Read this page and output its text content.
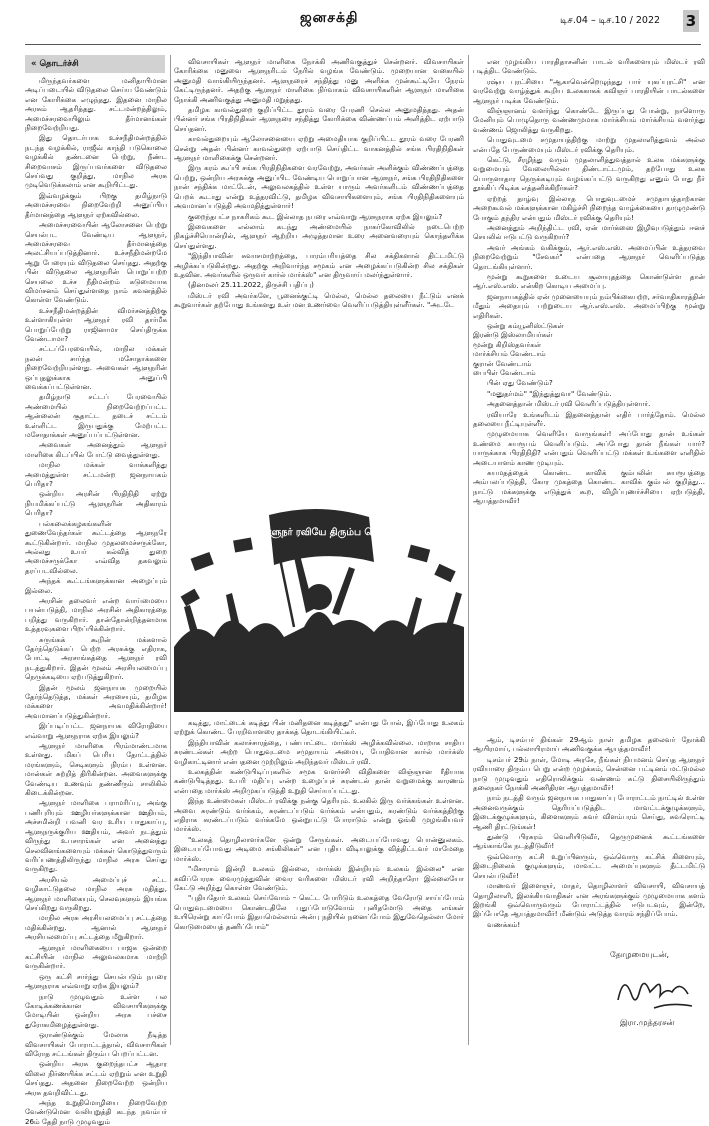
ஜனசக்தி	டிச.04 – டிச.10 / 2022 3
« தொடர்ச்சி

மிருந்தவர்களை மனிதாபிமான அடிப்படையில் விடுதலை செய்ய வேண்டும் என கோரிக்கை எழுந்தது. இதனை மாநில அரசும் ஆதரித்தது. சட்டமன்றத்திலும், அமைச்சரவையிலும் தீர்மானங்கள் நிறைவேற்றியது.

இது தொடர்பாக உச்சநீதிமன்றத்தில் நடந்த வழக்கில், ராஜீவ் காந்தி படுகொலை வழக்கில் தண்டனை பெற்று, நீண்ட சிறைவாசம் இருப்பவர்களை விடுதலை செய்வது குறித்து, மாநில அரசு முடிவெடுக்கலாம் என கூறியிட்டது.

இவ்வழக்கும் பிறகு தமிழ்நாடு அமைச்சரவை நிறைவேற்றி அனுப்பிய தீர்மானத்தை ஆளுநர் ஏற்கவில்லை.

அமைச்சரவையின் ஆலோசனை பெற்று செயல்பட வேண்டிய ஆளுநர், அமைச்சரவை தீர்மானத்தை அலட்சியப்படுத்தினார். உச்சநீதிமன்றமே ஆறு பேரையும் விடுதலை செய்தது. அதற்கு பின் விடுதலை ஆளுநரின் பொறுப்பற்ற செயலை உச்ச நீதிமன்றம் கடுமையாக விமர்சனம் செய்துள்ளதை நாம் கவனத்தில் கொள்ள வேண்டும்.

உச்சநீதிமன்றத்தின் விமர்சனத்திற்கு உள்ளாகியுள்ள ஆளுநர் ரவி தார்மீக பொறுப்பேற்று ராஜினாமா செய்திருக்க வேண்டாமா?

சட்டப்பேரவையில், மாநில மக்கள் நலன் சார்ந்த மசோதாக்களை நிறைவேற்றியுள்ளது. அவைகள் ஆளுநரின் ஒப்புதலுக்காக அனுப்பி வைக்கப்பட்டுள்ளன.

தமிழ்நாடு சட்டப் பேரவையில் அண்மையில் நிறைவேற்றப்பட்ட ஆன்லைன் சூதாட்ட தடைச் சட்டம் உள்ளிட்ட இருபதுக்கு மேற்பட்ட மசோதாக்கள் அனுப்பப்பட்டுள்ளன.

அவைகள் அனைத்தும் ஆளுநர் மாளிகை கிடப்பில் போட்டு வைத்துள்ளது.

மாநில மக்கள் வாக்களித்து அமைத்துள்ள சட்டமன்ற ஜனநாயகம் பெரிதா?

ஒன்றிய அரசின் பிரதிநிதி ஏற்று நியமிக்கப்பட்டு ஆளுநரின் அதிகாரம் பெரிதா?

பல்கலைக்கழகங்களின் துணைவேந்தர்கள் கூட்டத்தை ஆளுநரே கூட்டுகின்றார். மாநில முதலமைச்சருக்கோ, அல்லது உயர் கல்வித் துறை அமைச்சருக்கோ எவ்வித தகவலும் தரப்படவில்லை.

அந்தக் கூட்டங்களுக்கான அழைப்பும் இல்லை.

அரசின் தலைவர் என்ற வாய்மையை பயன்படுத்தி, மாநில அரசின் அதிகாரத்தை பறித்து வருகிறார். தான்தோன்றித்தனமாக உத்தரவுகளை பிறப்பிக்கின்றார்.

சுருங்கக் கூறின் மக்களால் தேர்ந்தெடுக்கப் பெற்ற அரசுக்கு எதிராக, போட்டி அரசாங்கத்தை ஆளுநர் ரவி நடத்துகிறார். இதன் மூலம் அரசியலமைப்பு நெருக்கடியை ஏற்படுத்துகிறார்.

இதன் மூலம் ஜனநாயக முறையில் தேர்ந்தெடுத்த, மக்கள் அரசையும், தமிழக மக்களை அவமதிக்கின்றார்! அவமானப்படுத்துகின்றார்.

இப்படிப்பட்ட ஜனநாயக விரோதியை எவ்வாறு ஆளுநராக ஏற்க இயலும்?

ஆளுநர் மாளிகை பிரம்மாண்டமாக உள்ளது. மிகப் பெரிய தோட்டத்தில் மரங்களும், செடிகளும் நிரம்ப உள்ளன. மான்கள் சுற்றித் திரிகின்றன. அவைகளுக்கு வேண்டிய உணவும் தண்ணீரும் சாலிகில் கிடைக்கின்றன.

ஆளுநர் மாளிகை பராமரிப்பு, அங்கு பணிபுரியும் ஊழியர்களுக்கான ஊதியம், அச்சமின்றி பவனி வர உரிய பாதுகாப்பு, ஆளுநருக்குரிய ஊதியம், அவர் நடத்தும் விருந்து உபசாரங்கள் என அனைத்து செலவினங்களையும் மக்கள் கொடுத்துவரும் வரிப்பணத்திலிருந்து மாநில அரசு செய்து வருகிறது.

அரசியல் அமைப்புச் சட்ட வழிகாட்டுதலை மாநில அரசு மதித்து, ஆளுநர் மாளிகையும், செலவுகளும் இயங்க செய்கிறது வருகிறது.

மாநில அரசு அரசியலமைப்பு சட்டத்தை மதிக்கின்றது. ஆனால் ஆளுநர் அரசியலமைப்பு சட்டத்தை மீறுகிறார்.

ஆளுநர் மாளிகையை பாஜக ஒன்றை கட்சியின் மாநில அலுவலகமாக மாற்றி வருகின்றார்.

ஒரு கட்சி சார்ந்து செயல்படும் நபரை ஆளுநராக எவ்வாறு ஏற்க இயலும்?

நாடு முழுவதும் உள்ள பல கோடிக்கணக்கான விவசாயிகளுக்கு மோடியின் ஒன்றிய அரசு பச்சை துரோகமிழைத்துள்ளது.

ஒராண்டுக்கும் மேலாக நீடித்த விவசாயிகள் போராட்டத்தால், விவசாயிகள் விரோத சட்டங்கள் திரும்ப பெறப்பட்டன.

ஒன்றிய அரசு குறைந்தபட்ச ஆதார விலை நிர்ணயிக்க சட்டம் ஏற்றும் என உறுதி செய்தது. அதனை நிறைவேற்ற ஒன்றிய அரசு தவறிவிட்டது.

அந்த உறுதிமொழியை நிறைவேற்ற வேண்டுமென வலியுறுத்தி கடந்த நவம்பர் 26ம் தேதி நாடு முழுவதும்

விவசாயிகள் ஆளுநர் மாளிகை நோக்கி அணிவகுத்துச் சென்றனர். விவசாயிகள் கோரிக்கை மனுவை ஆளுநரிடம் நேரில் வழங்க வேண்டும். முறையான வகையில் அனுமதி வாங்கியிருந்தனர். ஆளுநரைச் சந்தித்து மனு அளிக்க முன்கூட்டியே நேரம் கேட்டிருந்தனர். அதற்கு ஆளுநர் மாளிகை நிர்வாகம் விவசாயிகளின் ஆளுநர் மாளிகை நோக்கி அணிவகுத்து அனுமதி மறுத்தது.

தமிழக காவல்துறை குறிப்பிட்ட தூரம் வரை பேரணி செல்ல அனுமதித்தது. அதன் பின்னர் சங்க பிரதிநிதிகள் ஆளுநரை சந்தித்து கோரிக்கை விண்ணப்பம் அளித்திட ஏற்பாடு செய்தனர்.

காவல்துறையும் ஆலோசனையை ஏற்று அமைதியாக குறிப்பிட்ட தூரம் வரை பேரணி சென்று அதன் பின்னர் காவல்துறை ஏற்பாடு செய்திட்ட வாகனத்தில் சங்க பிரதிநிதிகள் ஆளுநர் மாளிகைக்கு சென்றனர்.

இரு கரம் கூப்பி சங்க பிரதிநிதிகளை வரவேற்று, அவர்கள் அளிக்கும் விண்ணப்பத்தை பெற்று, ஒன்றிய அரசுக்கு அனுப்பிட வேண்டிய பொறுப்பான ஆளுநர், சங்க பிரதிநிதிகளை நான் சந்திக்க மாட்டேன், அலுவலகத்தில் உள்ள யாரும் அவர்களிடம் விண்ணப்பத்தை பெறக் கூடாது என்று உத்தரவிட்டு, தமிழக விவசாயிகளையும், சங்க பிரதிநிதிகளையும் அவமானப்படுத்தி அவமதித்துள்ளார்!

குறைந்தபட்ச நாகரிகம் கூட இல்லாத நபரை எவ்வாறு ஆளுநராக ஏற்க இயலும்?

இவைகளை எல்லாம் கடந்து அண்மையில் நாகர்கோவிலில் நடைபெற்ற நிகழ்ச்சியொன்றில், ஆளுநர் ஆற்றிய அழுத்தமான உரை அனைவரையும் கொந்தளிக்க செய்துள்ளது.

"இந்தியாவின் சுவாசமாற்றத்தை, பாரம்பரியத்தை சில சக்திகளால் திட்டமிட்டு அழிக்கப்படுகின்றது. அதற்கு அறிவார்ந்த சமூகம் என அழைக்கப்படுகின்ற சில சக்திகள் உதவின. அவர்களில் ஒருவர் கார்ல் மார்க்ஸ்" என திருவாய் மலர்ந்துள்ளார்.

(தினமலர் 25.11.2022, திருச்சி பதிப்பு)

மிஸ்டர் ரவி அவர்களே, பூனைக்குட்டி மெல்ல, மெல்ல தலையை நீட்டும் எனக் கூறுவார்கள் தற்போது உங்களது உள் மன உணர்வை வெளிப்படுத்தியுள்ளீர்கள். "அடடே

ஆளுநர் ரவியே திரும்ப பெறு

கடித்து, மாட்டைக் கடித்து பின் மனிதனை கடித்தது" என்பது போல், இப்போது உலகம் ஏற்றுக் கொண்ட பேரறிவாளரை தாக்கத் தொடங்கியிட்டீர்.

இந்தியாவின் கலாச்சாரத்தை, பண்பாட்டை மார்க்ஸ் அழிக்கவில்லை. மாறாக சாதிய சுரண்டல்கள் அற்ற பொதுவுடமை சமுதாயம் அமைய, போதிவான கார்ல் மார்க்ஸ் வழிகாட்டினார் என்பதனை முற்றிலும் அறிந்தவர் மிஸ்டர் ரவி.

உலகத்தின் கண்டுபிடிப்புகளில் சமூக வளர்ச்சி விதிகளை விஞ்ஞான ரீதியாக கண்டுபிடித்தது. உபரி மதிப்பு என்ற உழைப்புச் சுரண்டல் தான் வறுமைக்கு காரணம் என்பதை மார்க்ஸ் அறிமுகப்படுத்தி உறுதி செய்யப்பட்டது.

இந்த உண்மைகள் மிஸ்டர் ரவிக்கு நன்கு தெரியும். உலகில் இரு வர்க்கங்கள் உள்ளன. அவை சுரண்டும் வர்க்கம், சுரண்டப்படும் வர்க்கம் என்பதும், சுரண்டும் வர்க்கத்திற்கு எதிராக சுரண்டப்படும் வர்க்கமே ஒன்றுபட்டு போராடும் என்று ஓங்கி முழங்கியவர் மார்க்ஸ்.

"உலகத் தொழிலாளர்களே ஒன்று சேருங்கள். அடையப்போவது பொன்னுலகம். இடையப்போவது அடிமை சங்கிலிகள்" என புதிய விடியலுக்கு வித்திட்டவர் மாமேதை மார்க்ஸ்.

"மிசாராம் இன்றி உலகம் இல்லை, மார்க்ஸ் இன்றியும் உலகம் இல்லை" என கவிப்பேரரசு வைரமுத்துவின் வைர வரிகளை மிஸ்டர் ரவி அறிந்தாரோ இல்லையோ கேட்டு அறிந்து கொள்ள வேண்டும்.

"புதியதோர் உலகம் செய்வோம் – கெட்ட போரிடும் உலகத்தை வேரோடு சாய்ப்போம் பொதுவுடமையை கொண்டதிலே புதுப்போடுவோம் புனிதமோடு அதை எங்கள் உயிரென்று காப்போம் இதயமெல்லாம் அன்பு நதியில் நனைப்போம் இதுவேதெல்லா மோர் கொடுமையைத் தணிப்போம்"

என முழங்கிய பாரதிதாசனின் பாடல் வரிகளையும் மிஸ்டர் ரவி படித்திட வேண்டும்.

ரஷ்ய புரட்சியை "ஆகாவென்றெழுந்தது பார் யுகப்புரட்சி" என வரவேற்று வாழ்த்துக் கூறிய உலககாகக் கவிஞர் பாரதியின் பாடல்களை ஆளுநர் படிக்க வேண்டும்.

விஞ்ஞானம் வளர்ந்து கொண்டே இருப்பது போன்று, நாளொரு மேனியும் பொழுதொரு வண்ணமுமாக மார்க்சியம் மார்க்சியம் வளர்ந்து வண்ணம் ஜொலித்து வருகிறது.

பொதுவுடமை சமுதாயத்திற்கு மாற்று முதலாளித்துவம் அல்ல என்பதே பேருண்மையும் மிஸ்டர் ரவிக்கு தெரியும்.

கெட்டு, சீரழிந்து வரும் முதலாளித்துவத்தால் உலக மக்களுக்கு வறுமையும் வேலையில்லா திண்டாட்டமும், தற்போது உலக பொருளாதார நெருக்கடியும் வழங்கப்பட்டு வருகிறது எனும் போது நீர் தூக்கிப் பிடிக்க எத்தனிக்கிறீர்கள்?

ஏற்றத் தாழ்வு இல்லாத பொதுவுடமைச் சமுதாயத்தாற்கான அறைகூவல் மக்களுக்கான மகிழ்ச்சி நிறைந்த வாழ்க்கையை தாழுமுண்டு போகும் தந்திர என்பதும் மிஸ்டர் ரவிக்கு தெரியும்!

அனைத்தும் அறிந்திட்ட ரவி, ஏன் மார்க்ஸை இழிவுபடுத்தும் ஈனச் செயலில் ஈடுபட்டு வருகிறார்?

அவர் அங்கம் வகிக்கும், ஆர்.எஸ்.எஸ். அமைப்பின் உத்தரவை நிறைவேற்றும் "சேவகர்" என்பதை ஆளுநர் வெளிப்படுத்த தொடங்கியுள்ளார்.

மூன்று கூறுகளை உடைய சூலாயுதத்தை கொண்டுள்ள தான் ஆர்.எஸ்.எஸ். என்கிற கொடிய அமைப்பு.

ஜனநாயகத்தில் ஏன் முனையையும் நம்பிக்கையற்ற, சர்வாதிகாரத்தின் மீதும் அதையும் பற்றுடைய ஆர்.எஸ்.எஸ். அமைப்பிற்கு மூன்று எதிரிகள்.

ஒன்று கம்யூனிஸ்ட்டுகள்
இரண்டு இஸ்லாமியர்கள்
மூன்று கிறிஸ்தவர்கள்
மார்க்சியம் வேண்டாம்
குரான் வேண்டாம்
பைபிள் வேண்டாம்

பின் ஏது வேண்டும்?

"மனுதர்மம்" "இந்துத்துவா" வேண்டும்.

அதனைத்தான் மிஸ்டர் ரவி வெளிப்படுத்தியுள்ளார்.

ரவியாரே உங்களிடம் இதனைத்தான் எதிர் பார்த்தோம். மெல்ல தலையை நீட்டியுள்ளீர்.

முழுமையாக வெளியே வாருங்கள்! அப்போது தான் உங்கள் உண்மை சுயரூபம் வெளிப்படும். அப்போது தான் நீங்கள் யார்? யாருக்காக பிரதிநிதி? என்பதும் வெளிப்பட்டு மக்கள் உங்களை எளிதில் அடையாளம் காண முடியும்.

சுயமதத்தைக் கொண்ட காவிக் கும்பலின் சுயரூபத்தை அம்பலப்படுத்தி, கோர முகத்தை கொண்ட காவிக் கும்பல் குறித்து... நாட்டு மக்களுக்கு எடுத்துக் கூற, விழிப்புணர்ச்சியை ஏற்படுத்தி, ஆயத்தமாவீர்!

ஆம், டிசம்பர் திங்கள் 29ஆம் நாள் தமிழக தலைவர் நோக்கி ஆயிரமாய், பல்லாயிரமாய் அணிவகுக்க ஆயத்தமாவீர்!

டிசம்பர் 29ம் நாள், மோடி அரசே, நீங்கள் நியமனம் செய்த ஆளுநர் ரவியாரை திரும்ப பெறு என்ற முழக்கம், சென்னை பட்டினம் மட்டுமல்ல நாடு முழுவதும் எதிரொலிக்கும் வண்ணம் சுட்டு திசையிலிருந்தும் தலைநகர் நோக்கி அணிதிரள ஆயத்தமாவீர்!

நாம் நடத்தி வரும் ஜனநாயக பாதுகாப்பு போராட்டம் நாட்டில் உள்ள அனைவருக்கும் தெரியப்படுத்திட மாவட்டக்குழுக்களும், இடைக்குழுக்களும், கிளைகளும் சுவர் விளம்பரம் செய்து, சுவரொட்டி ஆணி திரட்டுங்கள்!

துண்டு பிரசுரம் வெளியிடுவீர், தெருமுனைக் கூட்டங்களை ஆங்காங்கே நடத்திடுவீர்!

ஒவ்வொரு கட்சி உறுப்பினரும், ஒவ்வொரு கட்சிக் கிளையும், இடைநிலைக் குழுக்களும், மாவட்ட அமைப்புகளும் தீட்டமிட்டு செயல்படுவீர்!

மாணவர் இளைஞர், மாதர், தொழிலாளர் விவசாயி, விவசாயத் தொழிலாளி, இலக்கியவாதிகள் என அரங்களுக்கும் முழுமையாக களம் இறங்கி ஒவ்வொருவரும் போராட்டத்தில் ஈடுபடவும், இன்றே, இப்போதே ஆயத்தமாவீர்! மீண்டும் அடுத்த வாரம் சந்திப்போம்.

வணக்கம்!

தோழமையுடன்,
இரா.முத்தரசன்
